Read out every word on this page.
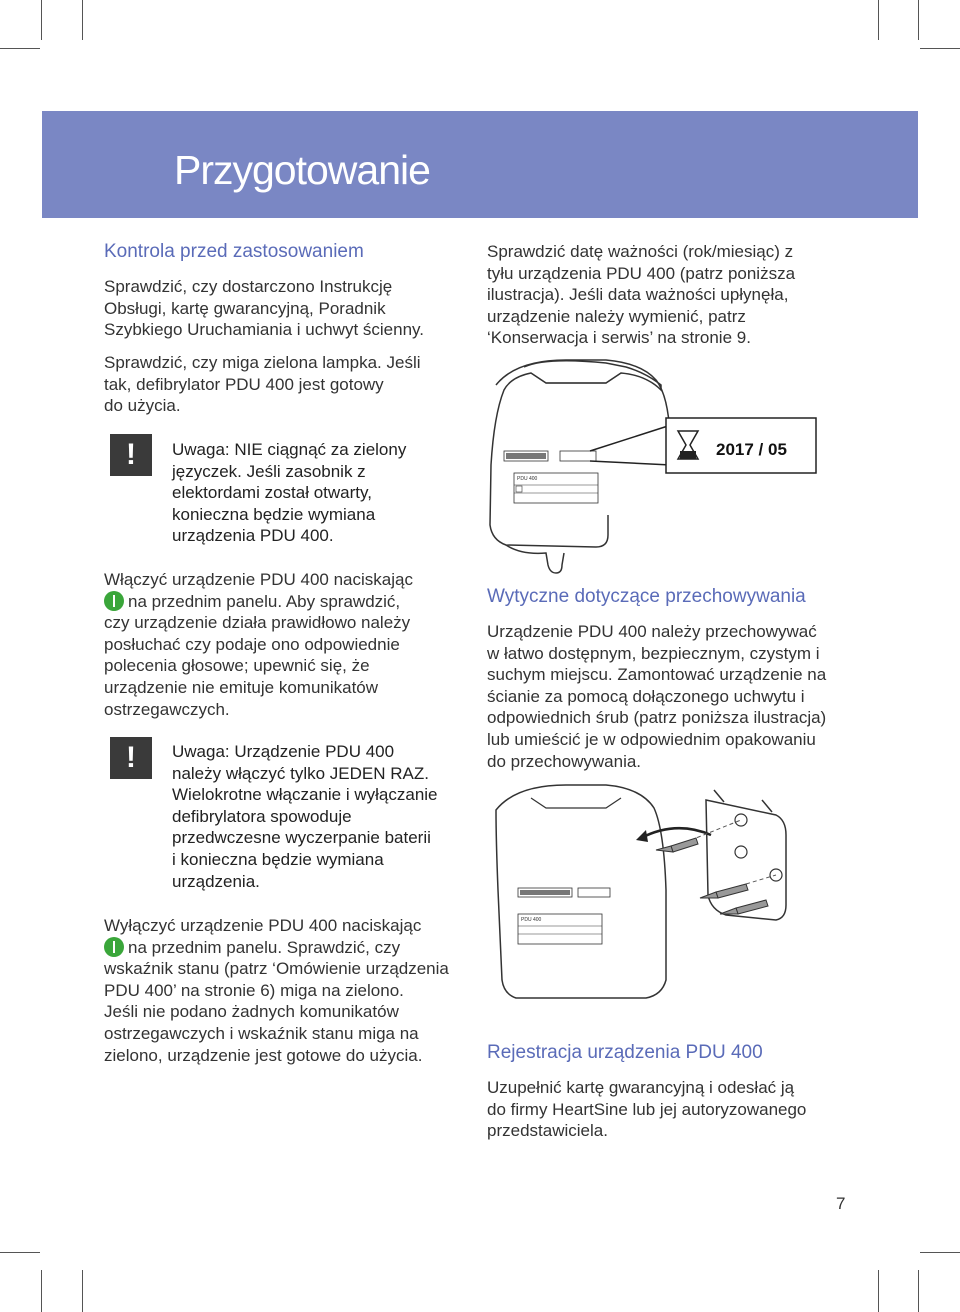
Przygotowanie
Kontrola przed zastosowaniem

Sprawdzić, czy dostarczono Instrukcję
Obsługi, kartę gwarancyjną, Poradnik
Szybkiego Uruchamiania i uchwyt ścienny.

Sprawdzić, czy miga zielona lampka. Jeśli
tak, defibrylator PDU 400 jest gotowy
do użycia.

!	Uwaga: NIE ciągnąć za zielony
języczek. Jeśli zasobnik z
elektordami został otwarty,
konieczna będzie wymiana
urządzenia PDU 400.

Włączyć urządzenie PDU 400 naciskając
na przednim panelu. Aby sprawdzić,
czy urządzenie działa prawidłowo należy
posłuchać czy podaje ono odpowiednie
polecenia głosowe; upewnić się, że
urządzenie nie emituje komunikatów
ostrzegawczych.

!	Uwaga: Urządzenie PDU 400
należy włączyć tylko JEDEN RAZ.
Wielokrotne włączanie i wyłączanie
defibrylatora spowoduje
przedwczesne wyczerpanie baterii
i konieczna będzie wymiana
urządzenia.

Wyłączyć urządzenie PDU 400 naciskając
na przednim panelu. Sprawdzić, czy
wskaźnik stanu (patrz ‘Omówienie urządzenia
PDU 400’ na stronie 6) miga na zielono.
Jeśli nie podano żadnych komunikatów
ostrzegawczych i wskaźnik stanu miga na
zielono, urządzenie jest gotowe do użycia.

Sprawdzić datę ważności (rok/miesiąc) z
tyłu urządzenia PDU 400 (patrz poniższa
ilustracja). Jeśli data ważności upłynęła,
urządzenie należy wymienić, patrz
‘Konserwacja i serwis’ na stronie 9.

PDU 400
2017 / 05
Wytyczne dotyczące przechowywania

Urządzenie PDU 400 należy przechowywać
w łatwo dostępnym, bezpiecznym, czystym i
suchym miejscu. Zamontować urządzenie na
ścianie za pomocą dołączonego uchwytu i
odpowiednich śrub (patrz poniższa ilustracja)
lub umieścić je w odpowiednim opakowaniu
do przechowywania.

PDU 400
Rejestracja urządzenia PDU 400

Uzupełnić kartę gwarancyjną i odesłać ją
do firmy HeartSine lub jej autoryzowanego
przedstawiciela.

7
